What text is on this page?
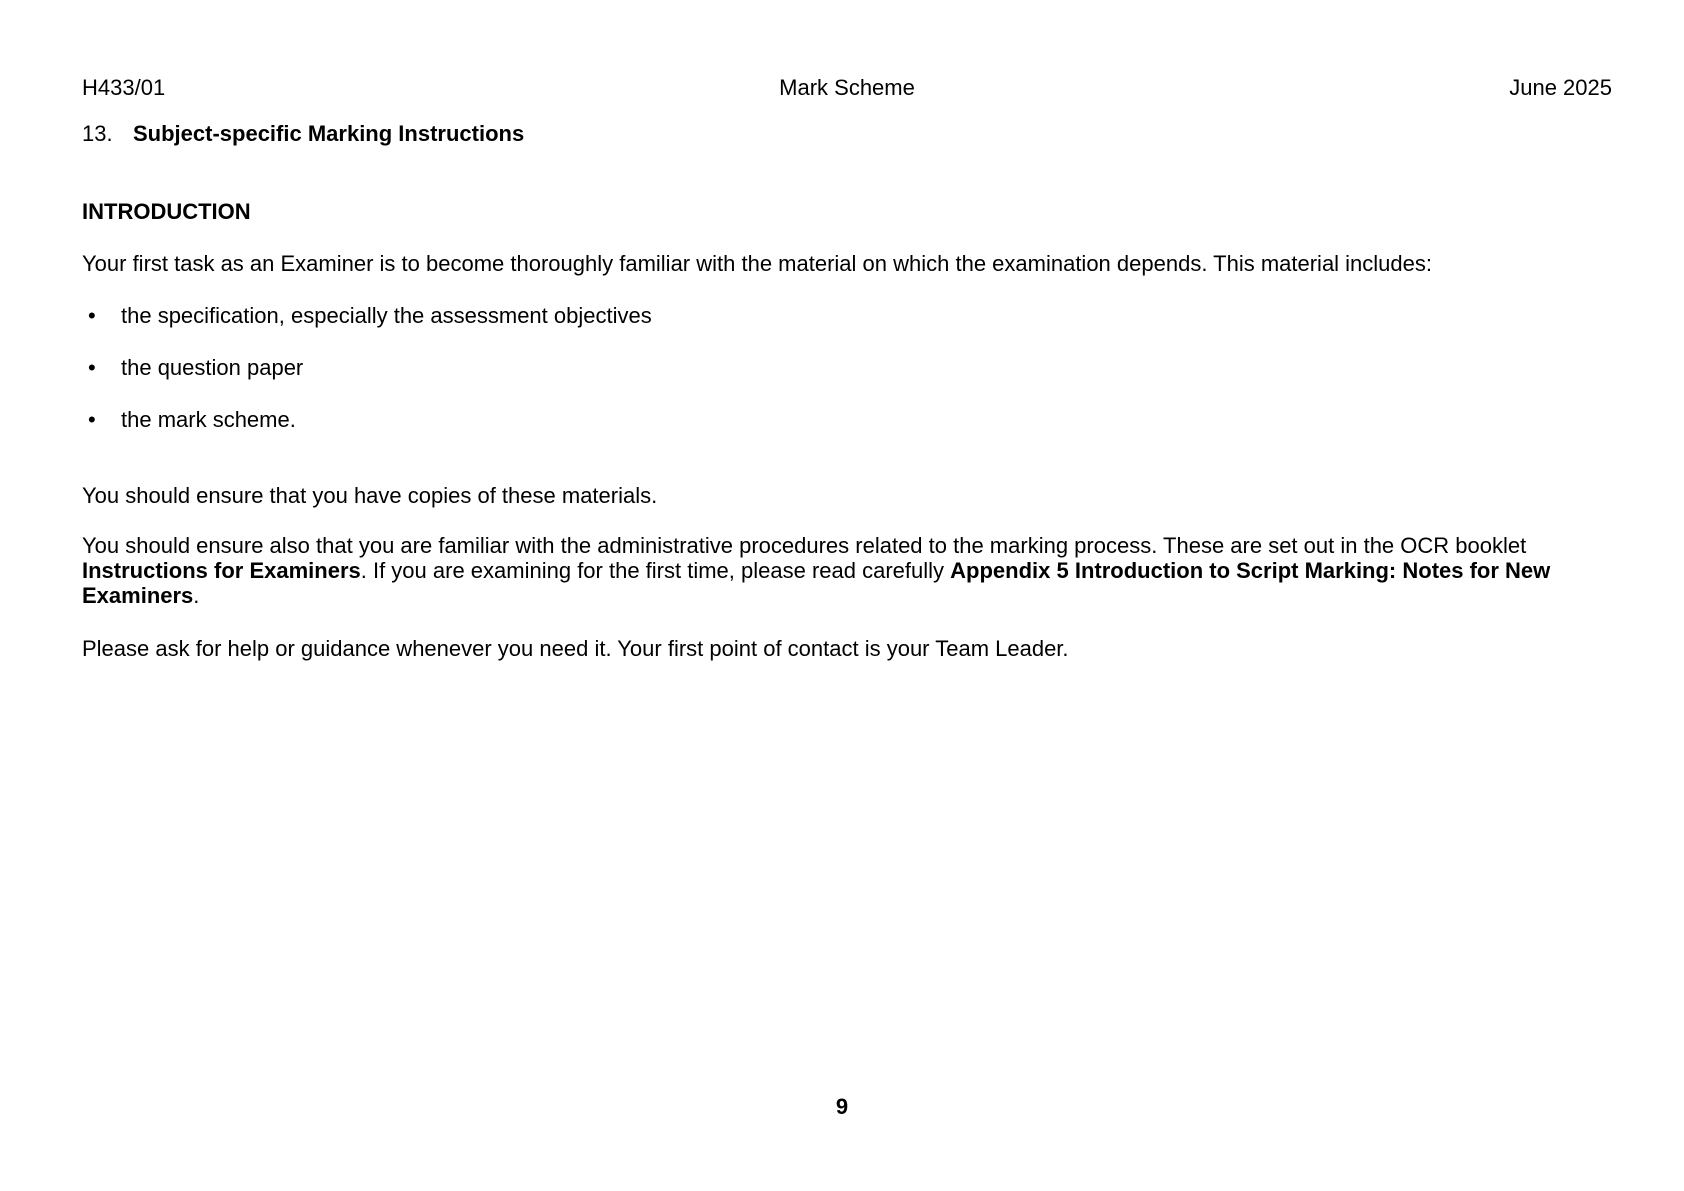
H433/01	Mark Scheme	June 2025
13. Subject-specific Marking Instructions
INTRODUCTION

Your first task as an Examiner is to become thoroughly familiar with the material on which the examination depends. This material includes:

•	the specification, especially the assessment objectives
•	the question paper
•	the mark scheme.

You should ensure that you have copies of these materials.

You should ensure also that you are familiar with the administrative procedures related to the marking process. These are set out in the OCR booklet Instructions for Examiners. If you are examining for the first time, please read carefully Appendix 5 Introduction to Script Marking: Notes for New Examiners.

Please ask for help or guidance whenever you need it. Your first point of contact is your Team Leader.

9
